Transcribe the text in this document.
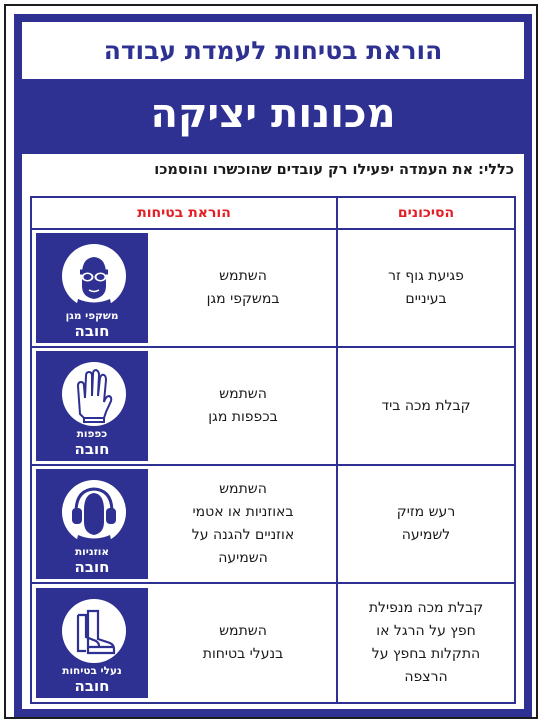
הוראת בטיחות לעמדת עבודה
מכונות יציקה
כללי: את העמדה יפעילו רק עובדים שהוכשרו והוסמכו
הסיכונים
הוראת בטיחות
פגיעת גוף זר
בעיניים
משקפי מגן
חובה
השתמש
במשקפי מגן
קבלת מכה ביד
כפפות
חובה
השתמש
בכפפות מגן
רעש מזיק
לשמיעה
אוזניות
חובה
השתמש
באוזניות או אטמי
אוזניים להגנה על
השמיעה
קבלת מכה מנפילת
חפץ על הרגל או
התקלות בחפץ על
הרצפה
נעלי בטיחות
חובה
השתמש
בנעלי בטיחות
